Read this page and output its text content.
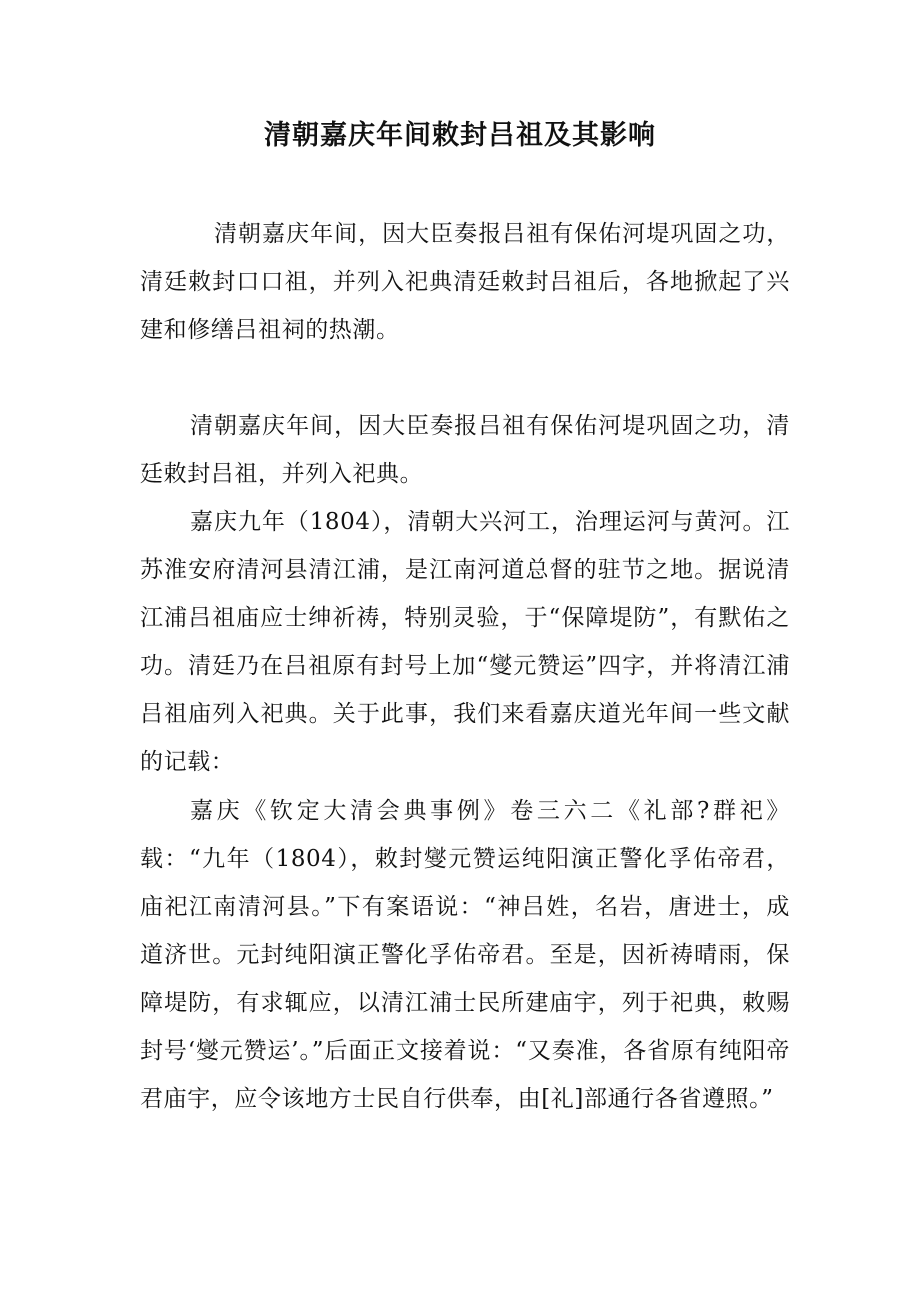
清朝嘉庆年间敕封吕祖及其影响

清朝嘉庆年间，因大臣奏报吕祖有保佑河堤巩固之功，清廷敕封口口祖，并列入祀典清廷敕封吕祖后，各地掀起了兴建和修缮吕祖祠的热潮。

清朝嘉庆年间，因大臣奏报吕祖有保佑河堤巩固之功，清廷敕封吕祖，并列入祀典。

嘉庆九年（1804），清朝大兴河工，治理运河与黄河。江苏淮安府清河县清江浦，是江南河道总督的驻节之地。据说清江浦吕祖庙应士绅祈祷，特别灵验，于“保障堤防”，有默佑之功。清廷乃在吕祖原有封号上加“燮元赞运”四字，并将清江浦吕祖庙列入祀典。关于此事，我们来看嘉庆道光年间一些文献的记载：

嘉庆《钦定大清会典事例》卷三六二《礼部?群祀》载：“九年（1804），敕封燮元赞运纯阳演正警化孚佑帝君，庙祀江南清河县。”下有案语说：“神吕姓，名岩，唐进士，成道济世。元封纯阳演正警化孚佑帝君。至是，因祈祷晴雨，保障堤防，有求辄应，以清江浦士民所建庙宇，列于祀典，敕赐封号‘燮元赞运’。”后面正文接着说：“又奏准，各省原有纯阳帝君庙宇，应令该地方士民自行供奉，由[礼]部通行各省遵照。”
